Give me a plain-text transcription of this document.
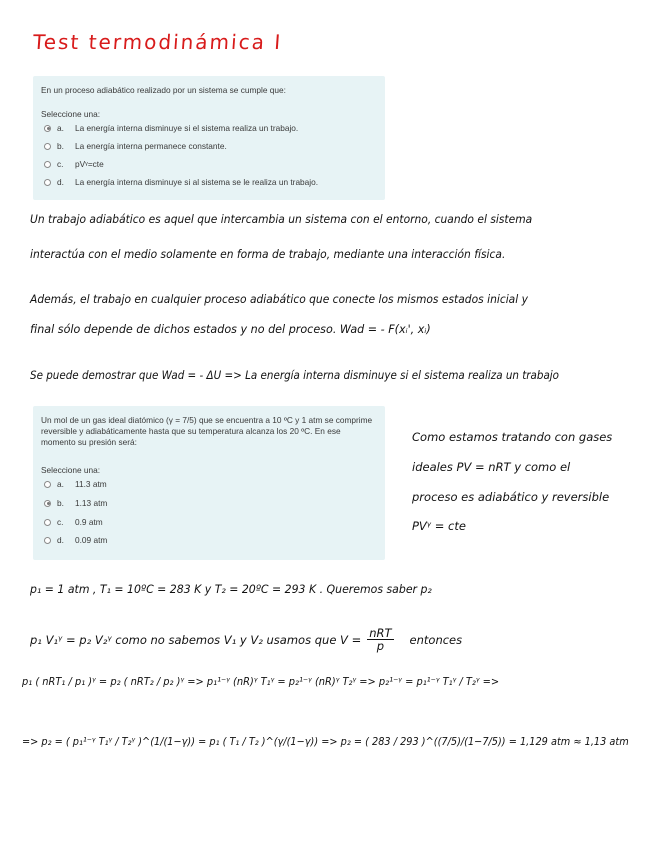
Test termodinámica I
En un proceso adiabático realizado por un sistema se cumple que:
Seleccione una:
a.	La energía interna disminuye si el sistema realiza un trabajo.
b.	La energía interna permanece constante.
c.	pVᵞ=cte
d.	La energía interna disminuye si al sistema se le realiza un trabajo.
Un trabajo adiabático es aquel que intercambia un sistema con el entorno, cuando el sistema
interactúa con el medio solamente en forma de trabajo, mediante una interacción física.
Además, el trabajo en cualquier proceso adiabático que conecte los mismos estados inicial y
final sólo depende de dichos estados y no del proceso. Wad = - F(xᵢ', xᵢ)
Se puede demostrar que Wad = - ΔU => La energía interna disminuye si el sistema realiza un trabajo
Un mol de un gas ideal diatómico (γ = 7/5) que se encuentra a 10 ºC y 1 atm se comprime reversible y adiabáticamente hasta que su temperatura alcanza los 20 ºC. En ese momento su presión será:
Seleccione una:
a.	11.3 atm
b.	1.13 atm
c.	0.9 atm
d.	0.09 atm
Como estamos tratando con gases
ideales PV = nRT y como el
proceso es adiabático y reversible
PVᵞ = cte
p₁ = 1 atm , T₁ = 10ºC = 283 K y T₂ = 20ºC = 293 K . Queremos saber p₂
p₁ V₁ᵞ = p₂ V₂ᵞ como no sabemos V₁ y V₂ usamos que $V = \frac{\text{nRT}}{p}$ entonces
p₁ ( nRT₁ / p₁ )ᵞ = p₂ ( nRT₂ / p₂ )ᵞ => p₁¹⁻ᵞ (nR)ᵞ T₁ᵞ = p₂¹⁻ᵞ (nR)ᵞ T₂ᵞ => p₂¹⁻ᵞ = p₁¹⁻ᵞ T₁ᵞ / T₂ᵞ =>
=> p₂ = ( p₁¹⁻ᵞ T₁ᵞ / T₂ᵞ )^(1/(1−γ)) = p₁ ( T₁ / T₂ )^(γ/(1−γ)) => p₂ = ( 283 / 293 )^((7/5)/(1−7/5)) = 1,129 atm ≈ 1,13 atm
